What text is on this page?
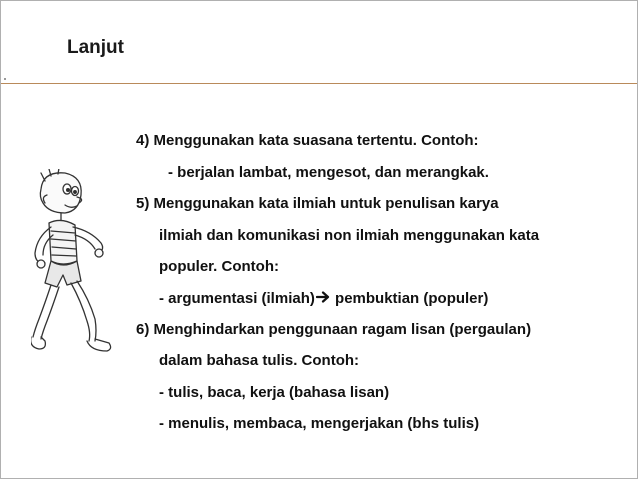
Lanjut
4) Menggunakan kata suasana tertentu. Contoh:
- berjalan lambat, mengesot, dan merangkak.
5) Menggunakan kata ilmiah untuk penulisan karya
ilmiah dan komunikasi non ilmiah menggunakan kata
populer. Contoh:
- argumentasi (ilmiah) pembuktian (populer)
6) Menghindarkan penggunaan ragam lisan (pergaulan)
dalam bahasa tulis. Contoh:
- tulis, baca, kerja (bahasa lisan)
- menulis, membaca, mengerjakan (bhs tulis)
